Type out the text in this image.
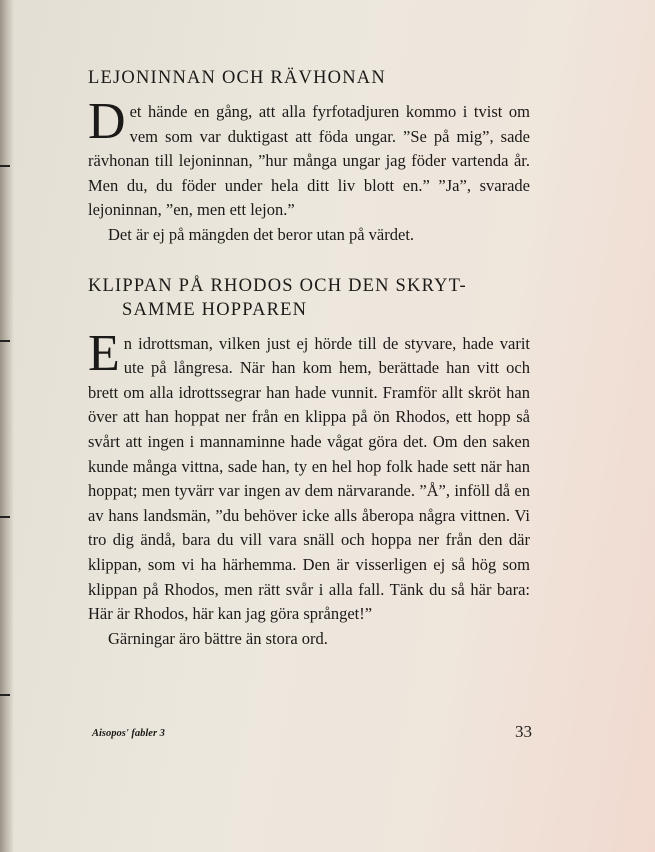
LEJONINNAN OCH RÄVHONAN
D et hände en gång, att alla fyrfotadjuren kommo i tvist om vem som var duktigast att föda ungar. ”Se på mig”, sade rävhonan till lejoninnan, ”hur många ungar jag föder vartenda år. Men du, du föder under hela ditt liv blott en.” ”Ja”, svarade lejoninnan, ”en, men ett lejon.”

Det är ej på mängden det beror utan på värdet.

KLIPPAN PÅ RHODOS OCH DEN SKRYT-
SAMME HOPPAREN
E n idrottsman, vilken just ej hörde till de styvare, hade varit ute på långresa. När han kom hem, berättade han vitt och brett om alla idrottssegrar han hade vunnit. Framför allt skröt han över att han hoppat ner från en klippa på ön Rhodos, ett hopp så svårt att ingen i mannaminne hade vågat göra det. Om den saken kunde många vittna, sade han, ty en hel hop folk hade sett när han hoppat; men tyvärr var ingen av dem närvarande. ”Å”, inföll då en av hans landsmän, ”du behöver icke alls åberopa några vittnen. Vi tro dig ändå, bara du vill vara snäll och hoppa ner från den där klippan, som vi ha härhemma. Den är visserligen ej så hög som klippan på Rhodos, men rätt svår i alla fall. Tänk du så här bara: Här är Rhodos, här kan jag göra språnget!”

Gärningar äro bättre än stora ord.

Aisopos' fabler 3	33
